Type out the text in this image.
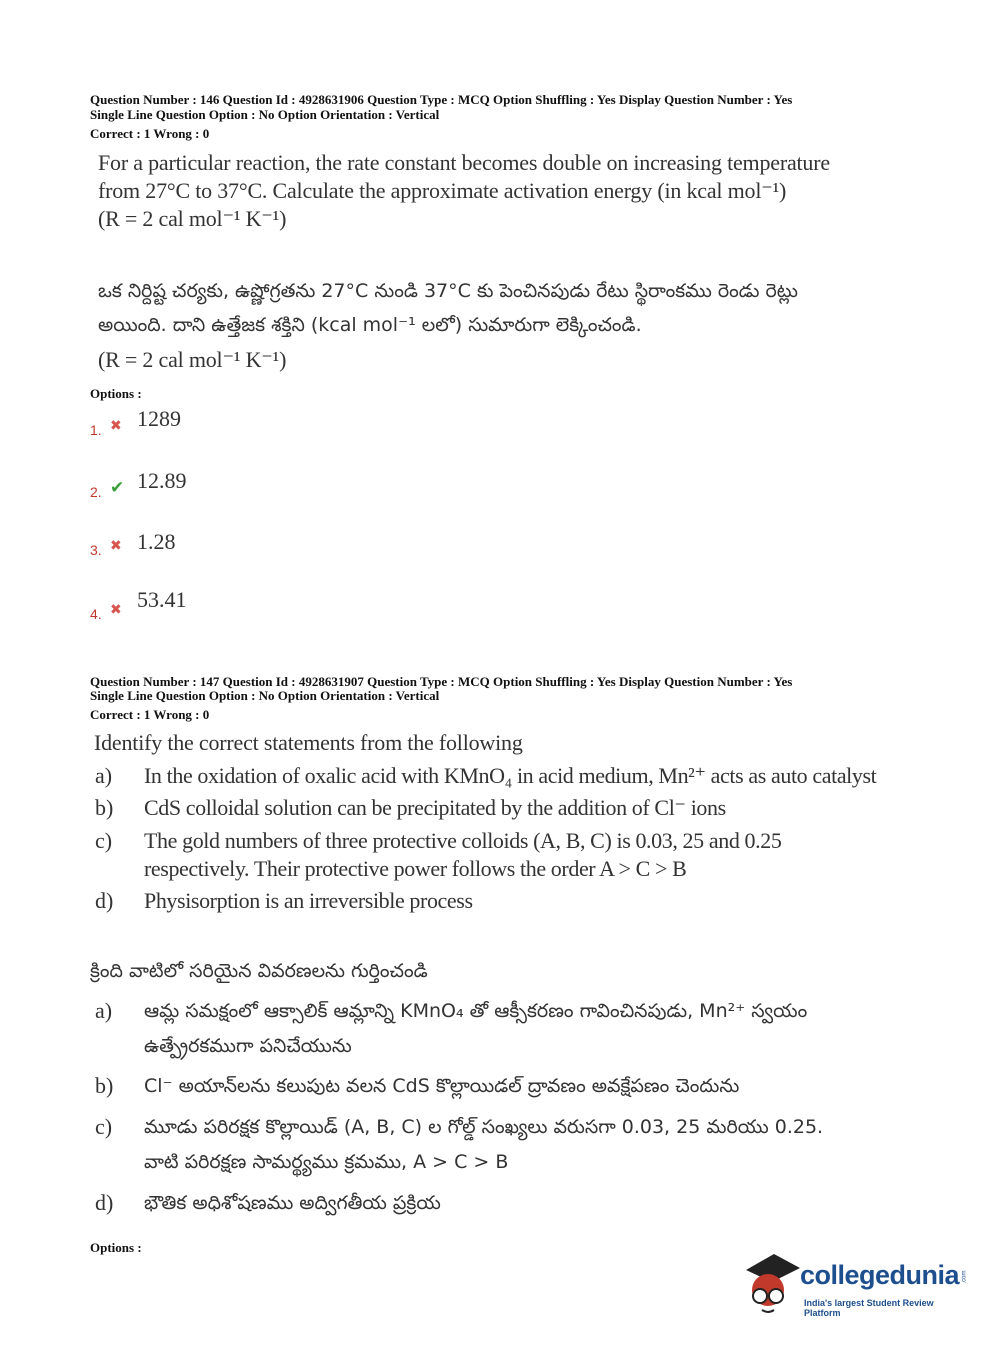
Question Number : 146 Question Id : 4928631906 Question Type : MCQ Option Shuffling : Yes Display Question Number : Yes
Single Line Question Option : No Option Orientation : Vertical
Correct : 1 Wrong : 0
For a particular reaction, the rate constant becomes double on increasing temperature
from 27°C to 37°C. Calculate the approximate activation energy (in kcal mol⁻¹)
(R = 2 cal mol⁻¹ K⁻¹)
ఒక నిర్దిష్ట చర్యకు, ఉష్ణోగ్రతను 27°C నుండి 37°C కు పెంచినపుడు రేటు స్థిరాంకము రెండు రెట్లు
అయింది. దాని ఉత్తేజక శక్తిని (kcal mol⁻¹ లలో) సుమారుగా లెక్కించండి.
(R = 2 cal mol⁻¹ K⁻¹)
Options :
1. ✖ 1289
2. ✔ 12.89
3. ✖ 1.28
4. ✖ 53.41
Question Number : 147 Question Id : 4928631907 Question Type : MCQ Option Shuffling : Yes Display Question Number : Yes
Single Line Question Option : No Option Orientation : Vertical
Correct : 1 Wrong : 0
Identify the correct statements from the following
a) In the oxidation of oxalic acid with KMnO₄ in acid medium, Mn²⁺ acts as auto catalyst
b) CdS colloidal solution can be precipitated by the addition of Cl⁻ ions
c) The gold numbers of three protective colloids (A, B, C) is 0.03, 25 and 0.25
respectively. Their protective power follows the order A > C > B
d) Physisorption is an irreversible process
క్రింది వాటిలో సరియైన వివరణలను గుర్తించండి
a) ఆమ్ల సమక్షంలో ఆక్సాలిక్ ఆమ్లాన్ని KMnO₄ తో ఆక్సీకరణం గావించినపుడు, Mn²⁺ స్వయం
ఉత్ప్రేరకముగా పనిచేయును
b) Cl⁻ అయాన్‌లను కలుపుట వలన CdS కొల్లాయిడల్ ద్రావణం అవక్షేపణం చెందును
c) మూడు పరిరక్షక కొల్లాయిడ్ (A, B, C) ల గోల్డ్ సంఖ్యలు వరుసగా 0.03, 25 మరియు 0.25.
వాటి పరిరక్షణ సామర్థ్యము క్రమము, A > C > B
d) భౌతిక అధిశోషణము అద్విగతీయ ప్రక్రియ
Options :
collegedunia .com
India's largest Student Review Platform
